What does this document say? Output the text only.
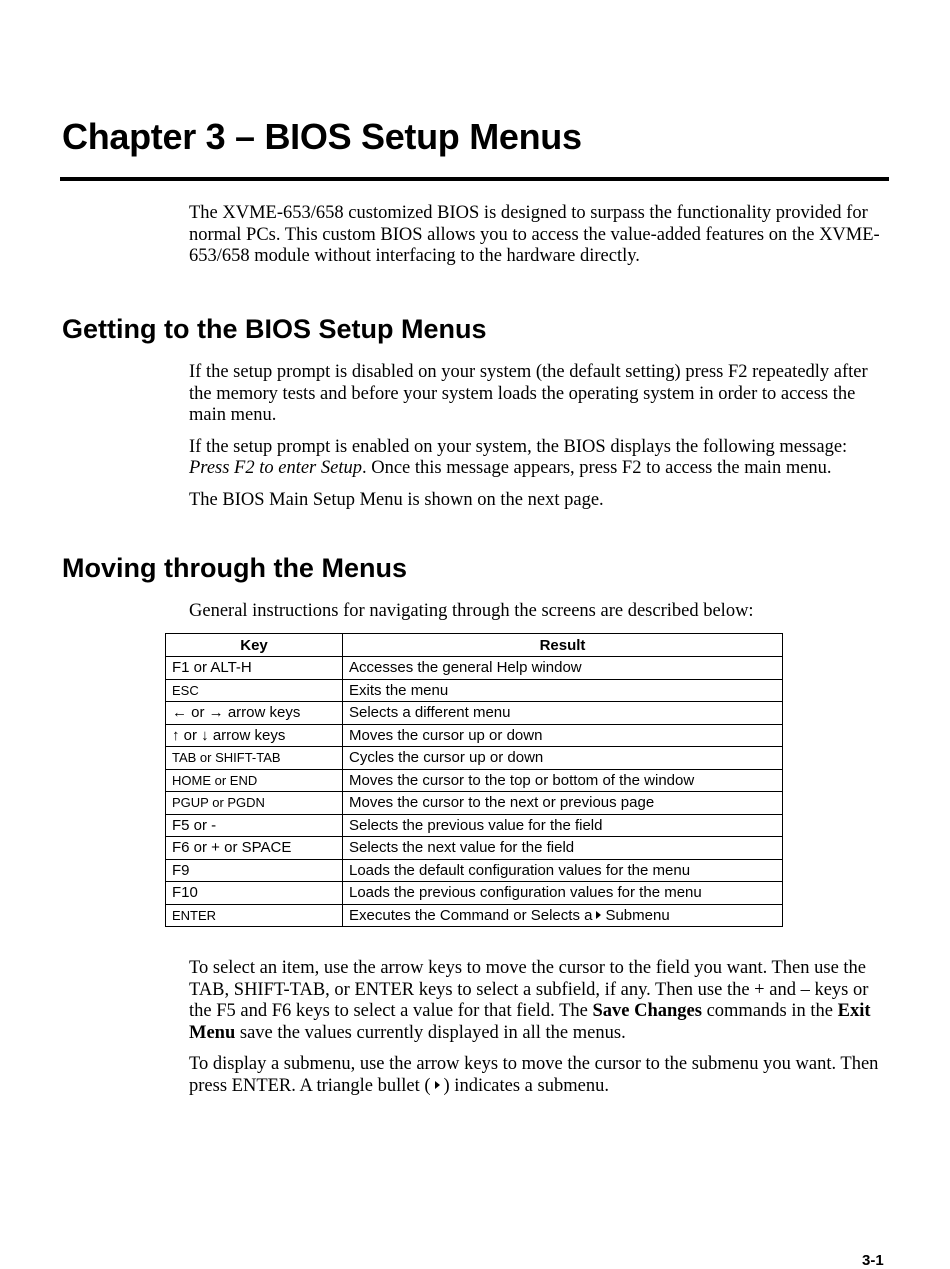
Chapter 3 – BIOS Setup Menus

The XVME-653/658 customized BIOS is designed to surpass the functionality provided for normal PCs. This custom BIOS allows you to access the value-added features on the XVME-653/658 module without interfacing to the hardware directly.

Getting to the BIOS Setup Menus

If the setup prompt is disabled on your system (the default setting) press F2 repeatedly after the memory tests and before your system loads the operating system in order to access the main menu.

If the setup prompt is enabled on your system, the BIOS displays the following message: Press F2 to enter Setup. Once this message appears, press F2 to access the main menu.

The BIOS Main Setup Menu is shown on the next page.

Moving through the Menus

General instructions for navigating through the screens are described below:

Key	Result
F1 or ALT-H	Accesses the general Help window
ESC	Exits the menu
← or → arrow keys	Selects a different menu
↑ or ↓ arrow keys	Moves the cursor up or down
TAB or SHIFT-TAB	Cycles the cursor up or down
HOME or END	Moves the cursor to the top or bottom of the window
PGUP or PGDN	Moves the cursor to the next or previous page
F5 or -	Selects the previous value for the field
F6 or + or SPACE	Selects the next value for the field
F9	Loads the default configuration values for the menu
F10	Loads the previous configuration values for the menu
ENTER	Executes the Command or Selects a Submenu

To select an item, use the arrow keys to move the cursor to the field you want. Then use the TAB, SHIFT-TAB, or ENTER keys to select a subfield, if any. Then use the + and – keys or the F5 and F6 keys to select a value for that field. The Save Changes commands in the Exit Menu save the values currently displayed in all the menus.

To display a submenu, use the arrow keys to move the cursor to the submenu you want. Then press ENTER. A triangle bullet ( ) indicates a submenu.

3-1
